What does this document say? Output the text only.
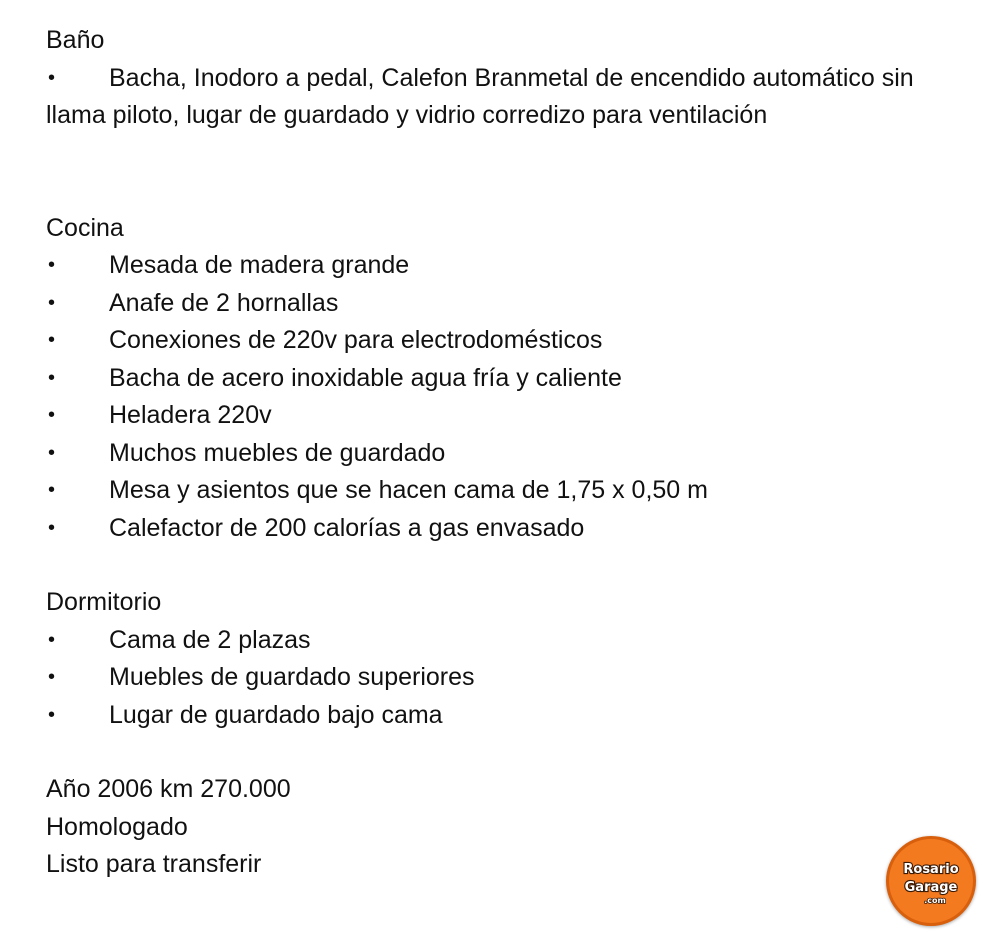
Baño

• Bacha, Inodoro a pedal, Calefon Branmetal de encendido automático sin llama piloto, lugar de guardado y vidrio corredizo para ventilación

Cocina

• Mesada de madera grande
• Anafe de 2 hornallas
• Conexiones de 220v para electrodomésticos
• Bacha de acero inoxidable agua fría y caliente
• Heladera 220v
• Muchos muebles de guardado
• Mesa y asientos que se hacen cama de 1,75 x 0,50 m
• Calefactor de 200 calorías a gas envasado

Dormitorio

• Cama de 2 plazas
• Muebles de guardado superiores
• Lugar de guardado bajo cama

Año 2006 km 270.000

Homologado

Listo para transferir	Rosario
Garage
.com
